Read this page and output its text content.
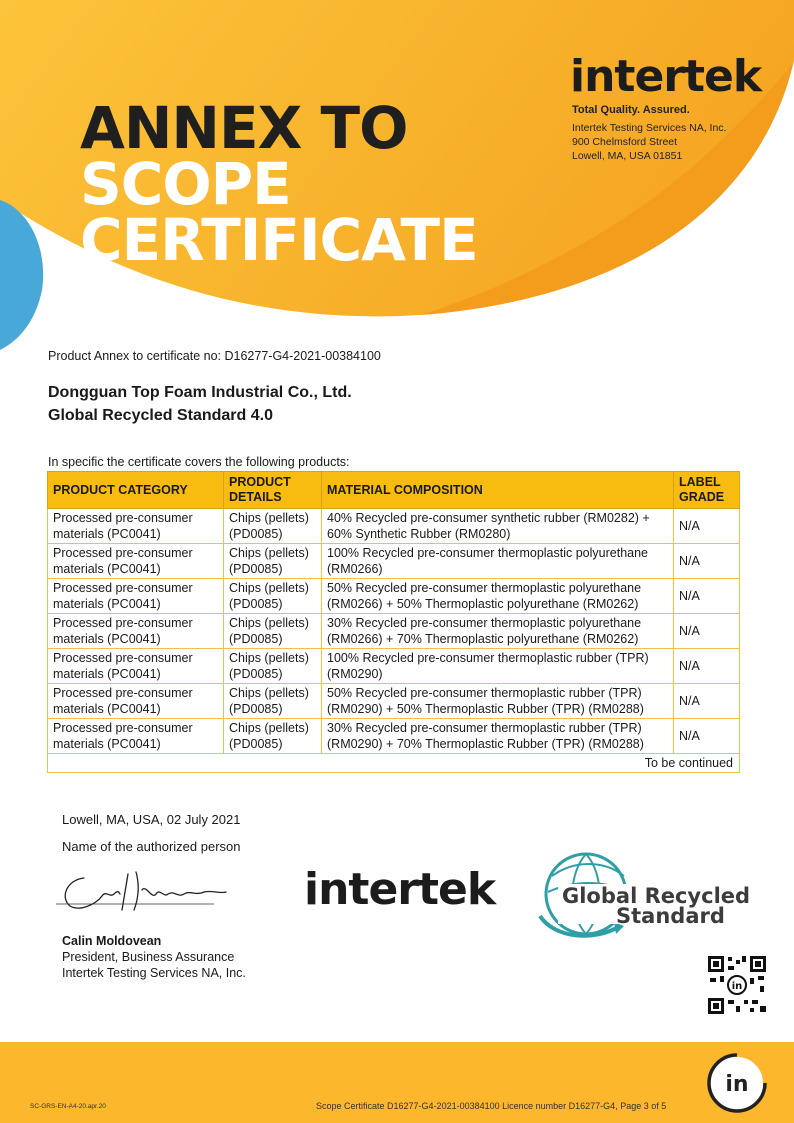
ANNEX TO
SCOPE
CERTIFICATE
intertek
Total Quality. Assured.
Intertek Testing Services NA, Inc.
900 Chelmsford Street
Lowell, MA, USA 01851
Product Annex to certificate no: D16277-G4-2021-00384100
Dongguan Top Foam Industrial Co., Ltd.
Global Recycled Standard 4.0
In specific the certificate covers the following products:
PRODUCT CATEGORY	PRODUCT DETAILS	MATERIAL COMPOSITION	LABEL GRADE
Processed pre-consumer materials (PC0041)	Chips (pellets) (PD0085)	40% Recycled pre-consumer synthetic rubber (RM0282) + 60% Synthetic Rubber (RM0280)	N/A
Processed pre-consumer materials (PC0041)	Chips (pellets) (PD0085)	100% Recycled pre-consumer thermoplastic polyurethane (RM0266)	N/A
Processed pre-consumer materials (PC0041)	Chips (pellets) (PD0085)	50% Recycled pre-consumer thermoplastic polyurethane (RM0266) + 50% Thermoplastic polyurethane (RM0262)	N/A
Processed pre-consumer materials (PC0041)	Chips (pellets) (PD0085)	30% Recycled pre-consumer thermoplastic polyurethane (RM0266) + 70% Thermoplastic polyurethane (RM0262)	N/A
Processed pre-consumer materials (PC0041)	Chips (pellets) (PD0085)	100% Recycled pre-consumer thermoplastic rubber (TPR) (RM0290)	N/A
Processed pre-consumer materials (PC0041)	Chips (pellets) (PD0085)	50% Recycled pre-consumer thermoplastic rubber (TPR) (RM0290) + 50% Thermoplastic Rubber (TPR) (RM0288)	N/A
Processed pre-consumer materials (PC0041)	Chips (pellets) (PD0085)	30% Recycled pre-consumer thermoplastic rubber (TPR) (RM0290) + 70% Thermoplastic Rubber (TPR) (RM0288)	N/A
To be continued			
Lowell, MA, USA, 02 July 2021
Name of the authorized person
Calin Moldovean
President, Business Assurance
Intertek Testing Services NA, Inc.
intertek	Global Recycled
Standard
in
SC-GRS-EN-A4-20.apr.20	Scope Certificate D16277-G4-2021-00384100 Licence number D16277-G4, Page 3 of 5
in
